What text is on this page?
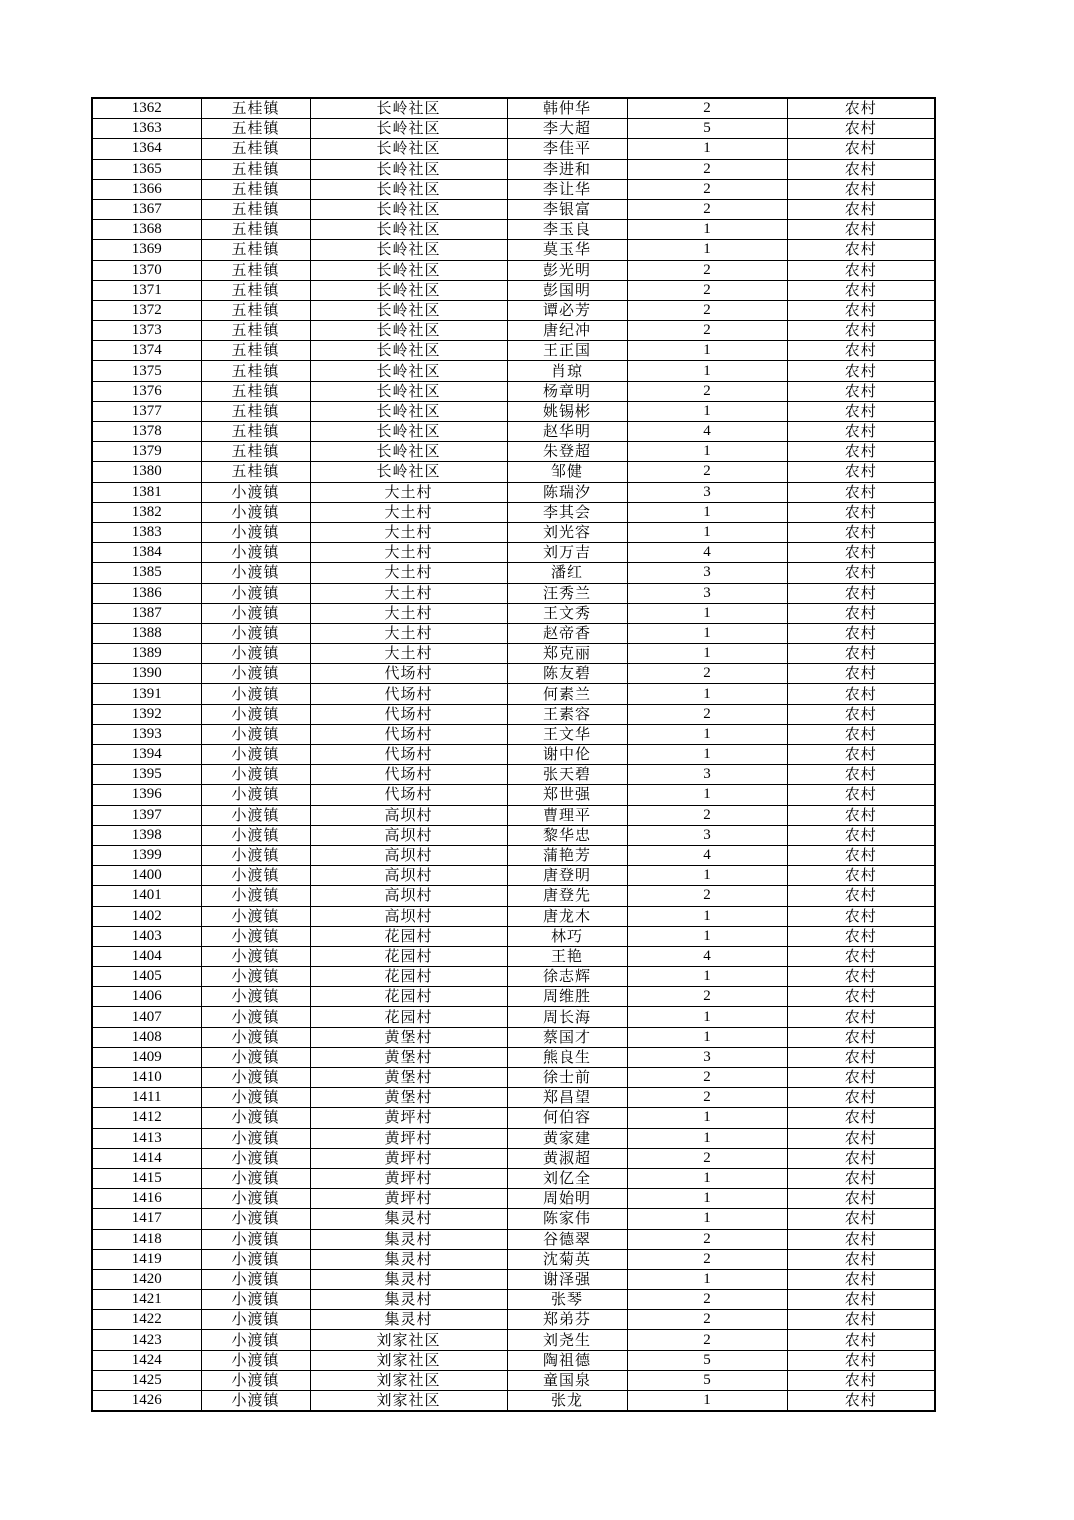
1362	五桂镇	长岭社区	韩仲华	2	农村
1363	五桂镇	长岭社区	李大超	5	农村
1364	五桂镇	长岭社区	李佳平	1	农村
1365	五桂镇	长岭社区	李进和	2	农村
1366	五桂镇	长岭社区	李让华	2	农村
1367	五桂镇	长岭社区	李银富	2	农村
1368	五桂镇	长岭社区	李玉良	1	农村
1369	五桂镇	长岭社区	莫玉华	1	农村
1370	五桂镇	长岭社区	彭光明	2	农村
1371	五桂镇	长岭社区	彭国明	2	农村
1372	五桂镇	长岭社区	谭必芳	2	农村
1373	五桂镇	长岭社区	唐纪冲	2	农村
1374	五桂镇	长岭社区	王正国	1	农村
1375	五桂镇	长岭社区	肖琼	1	农村
1376	五桂镇	长岭社区	杨章明	2	农村
1377	五桂镇	长岭社区	姚锡彬	1	农村
1378	五桂镇	长岭社区	赵华明	4	农村
1379	五桂镇	长岭社区	朱登超	1	农村
1380	五桂镇	长岭社区	邹健	2	农村
1381	小渡镇	大土村	陈瑞汐	3	农村
1382	小渡镇	大土村	李其会	1	农村
1383	小渡镇	大土村	刘光容	1	农村
1384	小渡镇	大土村	刘万吉	4	农村
1385	小渡镇	大土村	潘红	3	农村
1386	小渡镇	大土村	汪秀兰	3	农村
1387	小渡镇	大土村	王文秀	1	农村
1388	小渡镇	大土村	赵帝香	1	农村
1389	小渡镇	大土村	郑克丽	1	农村
1390	小渡镇	代场村	陈友碧	2	农村
1391	小渡镇	代场村	何素兰	1	农村
1392	小渡镇	代场村	王素容	2	农村
1393	小渡镇	代场村	王文华	1	农村
1394	小渡镇	代场村	谢中伦	1	农村
1395	小渡镇	代场村	张天碧	3	农村
1396	小渡镇	代场村	郑世强	1	农村
1397	小渡镇	高坝村	曹理平	2	农村
1398	小渡镇	高坝村	黎华忠	3	农村
1399	小渡镇	高坝村	蒲艳芳	4	农村
1400	小渡镇	高坝村	唐登明	1	农村
1401	小渡镇	高坝村	唐登先	2	农村
1402	小渡镇	高坝村	唐龙木	1	农村
1403	小渡镇	花园村	林巧	1	农村
1404	小渡镇	花园村	王艳	4	农村
1405	小渡镇	花园村	徐志辉	1	农村
1406	小渡镇	花园村	周维胜	2	农村
1407	小渡镇	花园村	周长海	1	农村
1408	小渡镇	黄堡村	蔡国才	1	农村
1409	小渡镇	黄堡村	熊良生	3	农村
1410	小渡镇	黄堡村	徐士前	2	农村
1411	小渡镇	黄堡村	郑昌望	2	农村
1412	小渡镇	黄坪村	何伯容	1	农村
1413	小渡镇	黄坪村	黄家建	1	农村
1414	小渡镇	黄坪村	黄淑超	2	农村
1415	小渡镇	黄坪村	刘亿全	1	农村
1416	小渡镇	黄坪村	周始明	1	农村
1417	小渡镇	集灵村	陈家伟	1	农村
1418	小渡镇	集灵村	谷德翠	2	农村
1419	小渡镇	集灵村	沈菊英	2	农村
1420	小渡镇	集灵村	谢泽强	1	农村
1421	小渡镇	集灵村	张琴	2	农村
1422	小渡镇	集灵村	郑弟芬	2	农村
1423	小渡镇	刘家社区	刘尧生	2	农村
1424	小渡镇	刘家社区	陶祖德	5	农村
1425	小渡镇	刘家社区	童国泉	5	农村
1426	小渡镇	刘家社区	张龙	1	农村
